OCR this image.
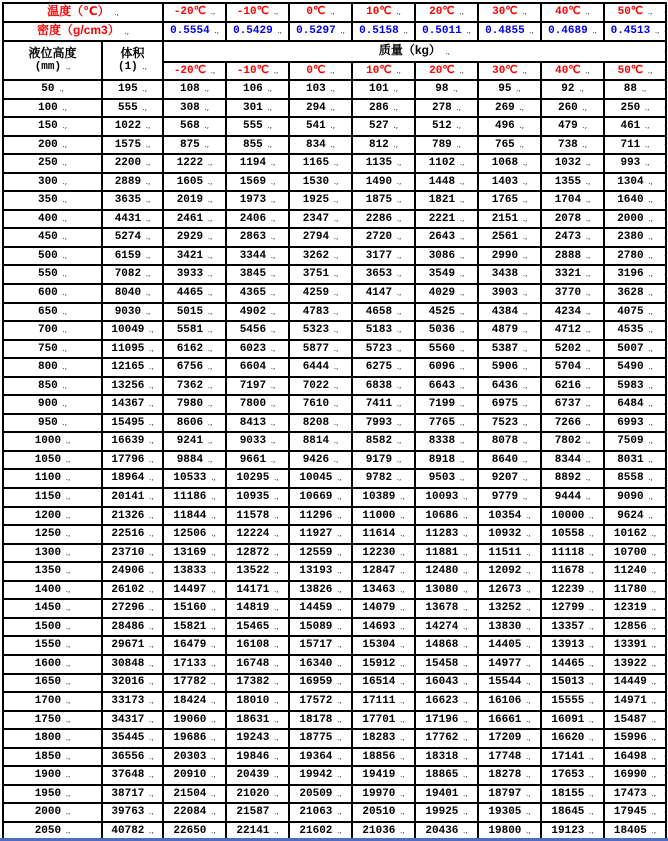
温度（℃） .,		-20℃ .,	-10℃ .,	0℃ .,	10℃ .,	20℃ .,	30℃ .,	40℃ .,	50℃ .,
密度（g/cm3） .,		0.5554 .,	0.5429 .,	0.5297 .,	0.5158 .,	0.5011 .,	0.4855 .,	0.4689 .,	0.4513 .,

液位高度
(mm) .,

体积
(1) .,
	质量（kg） .,
		-20℃ .,	-10℃ .,	0℃ .,	10℃ .,	20℃ .,	30℃ .,	40℃ .,	50℃ .,
50 .,	195 .,	108 .,	106 .,	103 .,	101 .,	98 .,	95 .,	92 .,	88 .,
100 .,	555 .,	308 .,	301 .,	294 .,	286 .,	278 .,	269 .,	260 .,	250 .,
150 .,	1022 .,	568 .,	555 .,	541 .,	527 .,	512 .,	496 .,	479 .,	461 .,
200 .,	1575 .,	875 .,	855 .,	834 .,	812 .,	789 .,	765 .,	738 .,	711 .,
250 .,	2200 .,	1222 .,	1194 .,	1165 .,	1135 .,	1102 .,	1068 .,	1032 .,	993 .,
300 .,	2889 .,	1605 .,	1569 .,	1530 .,	1490 .,	1448 .,	1403 .,	1355 .,	1304 .,
350 .,	3635 .,	2019 .,	1973 .,	1925 .,	1875 .,	1821 .,	1765 .,	1704 .,	1640 .,
400 .,	4431 .,	2461 .,	2406 .,	2347 .,	2286 .,	2221 .,	2151 .,	2078 .,	2000 .,
450 .,	5274 .,	2929 .,	2863 .,	2794 .,	2720 .,	2643 .,	2561 .,	2473 .,	2380 .,
500 .,	6159 .,	3421 .,	3344 .,	3262 .,	3177 .,	3086 .,	2990 .,	2888 .,	2780 .,
550 .,	7082 .,	3933 .,	3845 .,	3751 .,	3653 .,	3549 .,	3438 .,	3321 .,	3196 .,
600 .,	8040 .,	4465 .,	4365 .,	4259 .,	4147 .,	4029 .,	3903 .,	3770 .,	3628 .,
650 .,	9030 .,	5015 .,	4902 .,	4783 .,	4658 .,	4525 .,	4384 .,	4234 .,	4075 .,
700 .,	10049 .,	5581 .,	5456 .,	5323 .,	5183 .,	5036 .,	4879 .,	4712 .,	4535 .,
750 .,	11095 .,	6162 .,	6023 .,	5877 .,	5723 .,	5560 .,	5387 .,	5202 .,	5007 .,
800 .,	12165 .,	6756 .,	6604 .,	6444 .,	6275 .,	6096 .,	5906 .,	5704 .,	5490 .,
850 .,	13256 .,	7362 .,	7197 .,	7022 .,	6838 .,	6643 .,	6436 .,	6216 .,	5983 .,
900 .,	14367 .,	7980 .,	7800 .,	7610 .,	7411 .,	7199 .,	6975 .,	6737 .,	6484 .,
950 .,	15495 .,	8606 .,	8413 .,	8208 .,	7993 .,	7765 .,	7523 .,	7266 .,	6993 .,
1000 .,	16639 .,	9241 .,	9033 .,	8814 .,	8582 .,	8338 .,	8078 .,	7802 .,	7509 .,
1050 .,	17796 .,	9884 .,	9661 .,	9426 .,	9179 .,	8918 .,	8640 .,	8344 .,	8031 .,
1100 .,	18964 .,	10533 .,	10295 .,	10045 .,	9782 .,	9503 .,	9207 .,	8892 .,	8558 .,
1150 .,	20141 .,	11186 .,	10935 .,	10669 .,	10389 .,	10093 .,	9779 .,	9444 .,	9090 .,
1200 .,	21326 .,	11844 .,	11578 .,	11296 .,	11000 .,	10686 .,	10354 .,	10000 .,	9624 .,
1250 .,	22516 .,	12506 .,	12224 .,	11927 .,	11614 .,	11283 .,	10932 .,	10558 .,	10162 .,
1300 .,	23710 .,	13169 .,	12872 .,	12559 .,	12230 .,	11881 .,	11511 .,	11118 .,	10700 .,
1350 .,	24906 .,	13833 .,	13522 .,	13193 .,	12847 .,	12480 .,	12092 .,	11678 .,	11240 .,
1400 .,	26102 .,	14497 .,	14171 .,	13826 .,	13463 .,	13080 .,	12673 .,	12239 .,	11780 .,
1450 .,	27296 .,	15160 .,	14819 .,	14459 .,	14079 .,	13678 .,	13252 .,	12799 .,	12319 .,
1500 .,	28486 .,	15821 .,	15465 .,	15089 .,	14693 .,	14274 .,	13830 .,	13357 .,	12856 .,
1550 .,	29671 .,	16479 .,	16108 .,	15717 .,	15304 .,	14868 .,	14405 .,	13913 .,	13391 .,
1600 .,	30848 .,	17133 .,	16748 .,	16340 .,	15912 .,	15458 .,	14977 .,	14465 .,	13922 .,
1650 .,	32016 .,	17782 .,	17382 .,	16959 .,	16514 .,	16043 .,	15544 .,	15013 .,	14449 .,
1700 .,	33173 .,	18424 .,	18010 .,	17572 .,	17111 .,	16623 .,	16106 .,	15555 .,	14971 .,
1750 .,	34317 .,	19060 .,	18631 .,	18178 .,	17701 .,	17196 .,	16661 .,	16091 .,	15487 .,
1800 .,	35445 .,	19686 .,	19243 .,	18775 .,	18283 .,	17762 .,	17209 .,	16620 .,	15996 .,
1850 .,	36556 .,	20303 .,	19846 .,	19364 .,	18856 .,	18318 .,	17748 .,	17141 .,	16498 .,
1900 .,	37648 .,	20910 .,	20439 .,	19942 .,	19419 .,	18865 .,	18278 .,	17653 .,	16990 .,
1950 .,	38717 .,	21504 .,	21020 .,	20509 .,	19970 .,	19401 .,	18797 .,	18155 .,	17473 .,
2000 .,	39763 .,	22084 .,	21587 .,	21063 .,	20510 .,	19925 .,	19305 .,	18645 .,	17945 .,
2050 .,	40782 .,	22650 .,	22141 .,	21602 .,	21036 .,	20436 .,	19800 .,	19123 .,	18405 .,
.,
.,
.,
.,
.,
.,
.,
.,
.,
.,
.,
.,
.,
.,
.,
.,
.,
.,
.,
.,
.,
.,
.,
.,
.,
.,
.,
.,
.,
.,
.,
.,
.,
.,
.,
.,
.,
.,
.,
.,
.,
.,
.,
.,
.,
